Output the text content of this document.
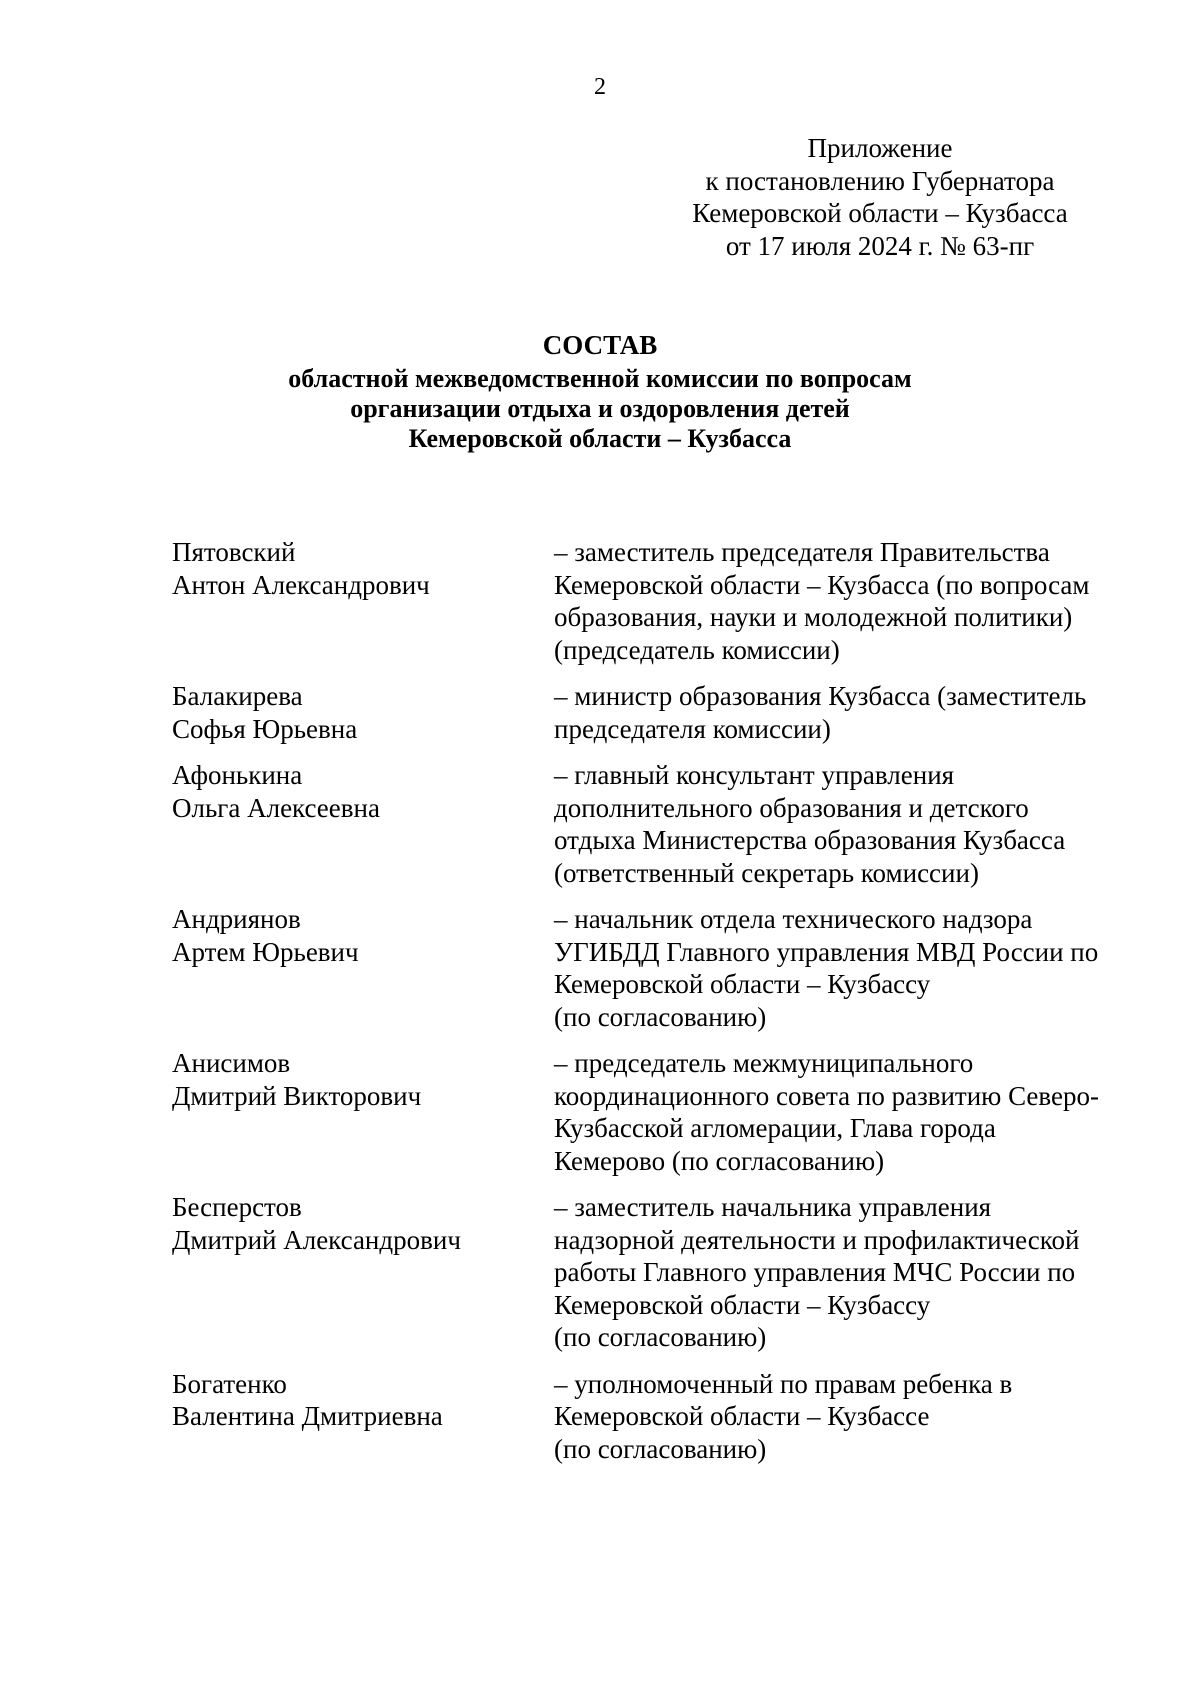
2
Приложение
к постановлению Губернатора
Кемеровской области – Кузбасса
от 17 июля 2024 г. № 63-пг
СОСТАВ
областной межведомственной комиссии по вопросам
организации отдыха и оздоровления детей
Кемеровской области – Кузбасса
Пятовский
Антон Александрович
– заместитель председателя Правительства
Кемеровской области – Кузбасса (по вопросам
образования, науки и молодежной политики)
(председатель комиссии)
Балакирева
Софья Юрьевна
– министр образования Кузбасса (заместитель
председателя комиссии)
Афонькина
Ольга Алексеевна
– главный консультант управления
дополнительного образования и детского
отдыха Министерства образования Кузбасса
(ответственный секретарь комиссии)
Андриянов
Артем Юрьевич
– начальник отдела технического надзора
УГИБДД Главного управления МВД России по
Кемеровской области – Кузбассу
(по согласованию)
Анисимов
Дмитрий Викторович
– председатель межмуниципального
координационного совета по развитию Северо-
Кузбасской агломерации, Глава города
Кемерово (по согласованию)
Бесперстов
Дмитрий Александрович
– заместитель начальника управления
надзорной деятельности и профилактической
работы Главного управления МЧС России по
Кемеровской области – Кузбассу
(по согласованию)
Богатенко
Валентина Дмитриевна
– уполномоченный по правам ребенка в
Кемеровской области – Кузбассе
(по согласованию)
